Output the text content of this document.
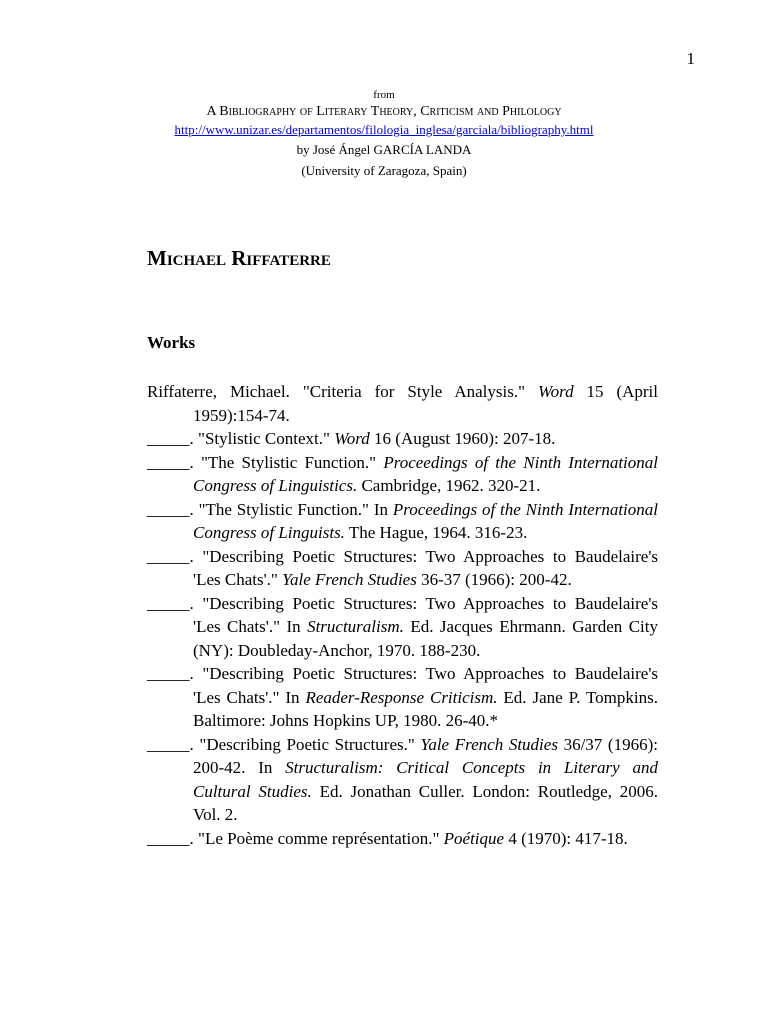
1
from
A Bibliography of Literary Theory, Criticism and Philology
http://www.unizar.es/departamentos/filologia_inglesa/garciala/bibliography.html
by José Ángel GARCÍA LANDA
(University of Zaragoza, Spain)
Michael Riffaterre
Works
Riffaterre, Michael. "Criteria for Style Analysis." Word 15 (April 1959):154-74.
_____. "Stylistic Context." Word 16 (August 1960): 207-18.
_____. "The Stylistic Function." Proceedings of the Ninth International Congress of Linguistics. Cambridge, 1962. 320-21.
_____. "The Stylistic Function." In Proceedings of the Ninth International Congress of Linguists. The Hague, 1964. 316-23.
_____. "Describing Poetic Structures: Two Approaches to Baudelaire's 'Les Chats'." Yale French Studies 36-37 (1966): 200-42.
_____. "Describing Poetic Structures: Two Approaches to Baudelaire's 'Les Chats'." In Structuralism. Ed. Jacques Ehrmann. Garden City (NY): Doubleday-Anchor, 1970. 188-230.
_____. "Describing Poetic Structures: Two Approaches to Baudelaire's 'Les Chats'." In Reader-Response Criticism. Ed. Jane P. Tompkins. Baltimore: Johns Hopkins UP, 1980. 26-40.*
_____. "Describing Poetic Structures." Yale French Studies 36/37 (1966): 200-42. In Structuralism: Critical Concepts in Literary and Cultural Studies. Ed. Jonathan Culler. London: Routledge, 2006. Vol. 2.
_____. "Le Poème comme représentation." Poétique 4 (1970): 417-18.
